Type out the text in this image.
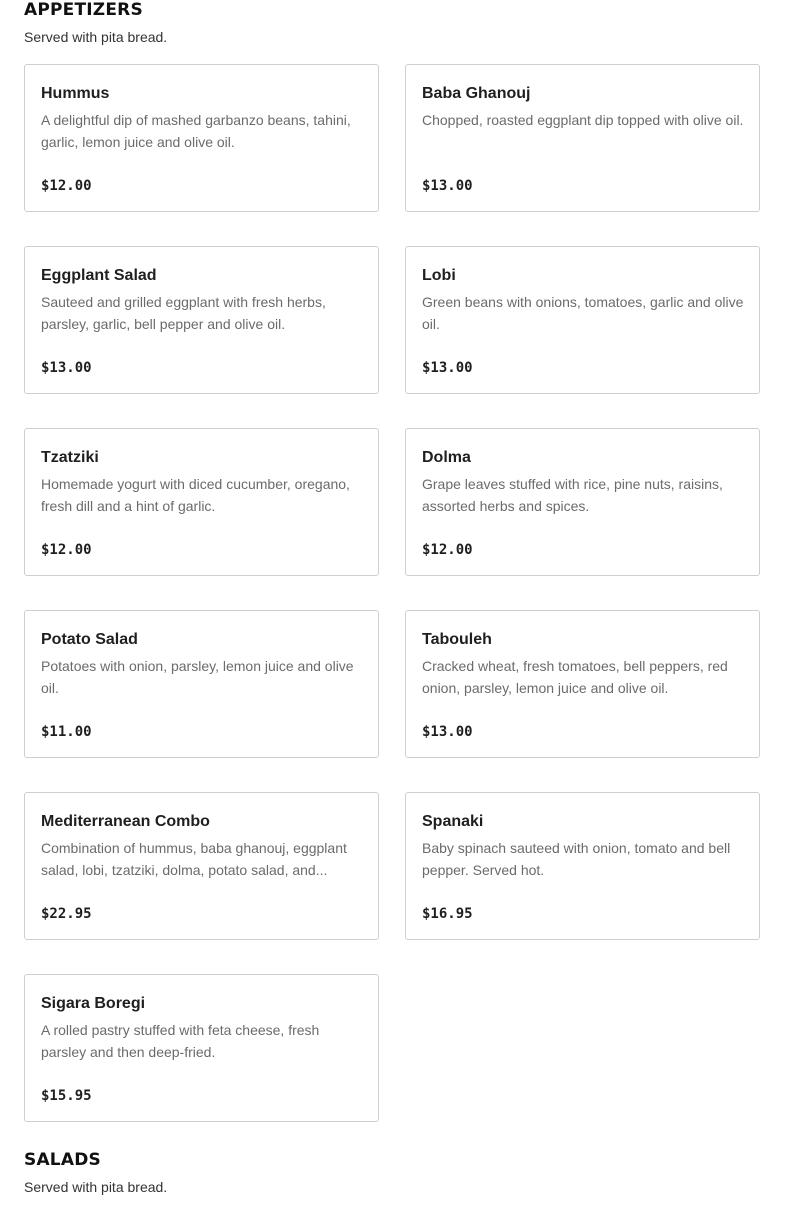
APPETIZERS

Served with pita bread.

Hummus
A delightful dip of mashed garbanzo beans, tahini, garlic, lemon juice and olive oil.
$12.00
Baba Ghanouj
Chopped, roasted eggplant dip topped with olive oil.
$13.00
Eggplant Salad
Sauteed and grilled eggplant with fresh herbs, parsley, garlic, bell pepper and olive oil.
$13.00
Lobi
Green beans with onions, tomatoes, garlic and olive oil.
$13.00
Tzatziki
Homemade yogurt with diced cucumber, oregano, fresh dill and a hint of garlic.
$12.00
Dolma
Grape leaves stuffed with rice, pine nuts, raisins, assorted herbs and spices.
$12.00
Potato Salad
Potatoes with onion, parsley, lemon juice and olive oil.
$11.00
Tabouleh
Cracked wheat, fresh tomatoes, bell peppers, red onion, parsley, lemon juice and olive oil.
$13.00
Mediterranean Combo
Combination of hummus, baba ghanouj, eggplant salad, lobi, tzatziki, dolma, potato salad, and...
$22.95
Spanaki
Baby spinach sauteed with onion, tomato and bell pepper. Served hot.
$16.95
Sigara Boregi
A rolled pastry stuffed with feta cheese, fresh parsley and then deep-fried.
$15.95
SALADS

Served with pita bread.
